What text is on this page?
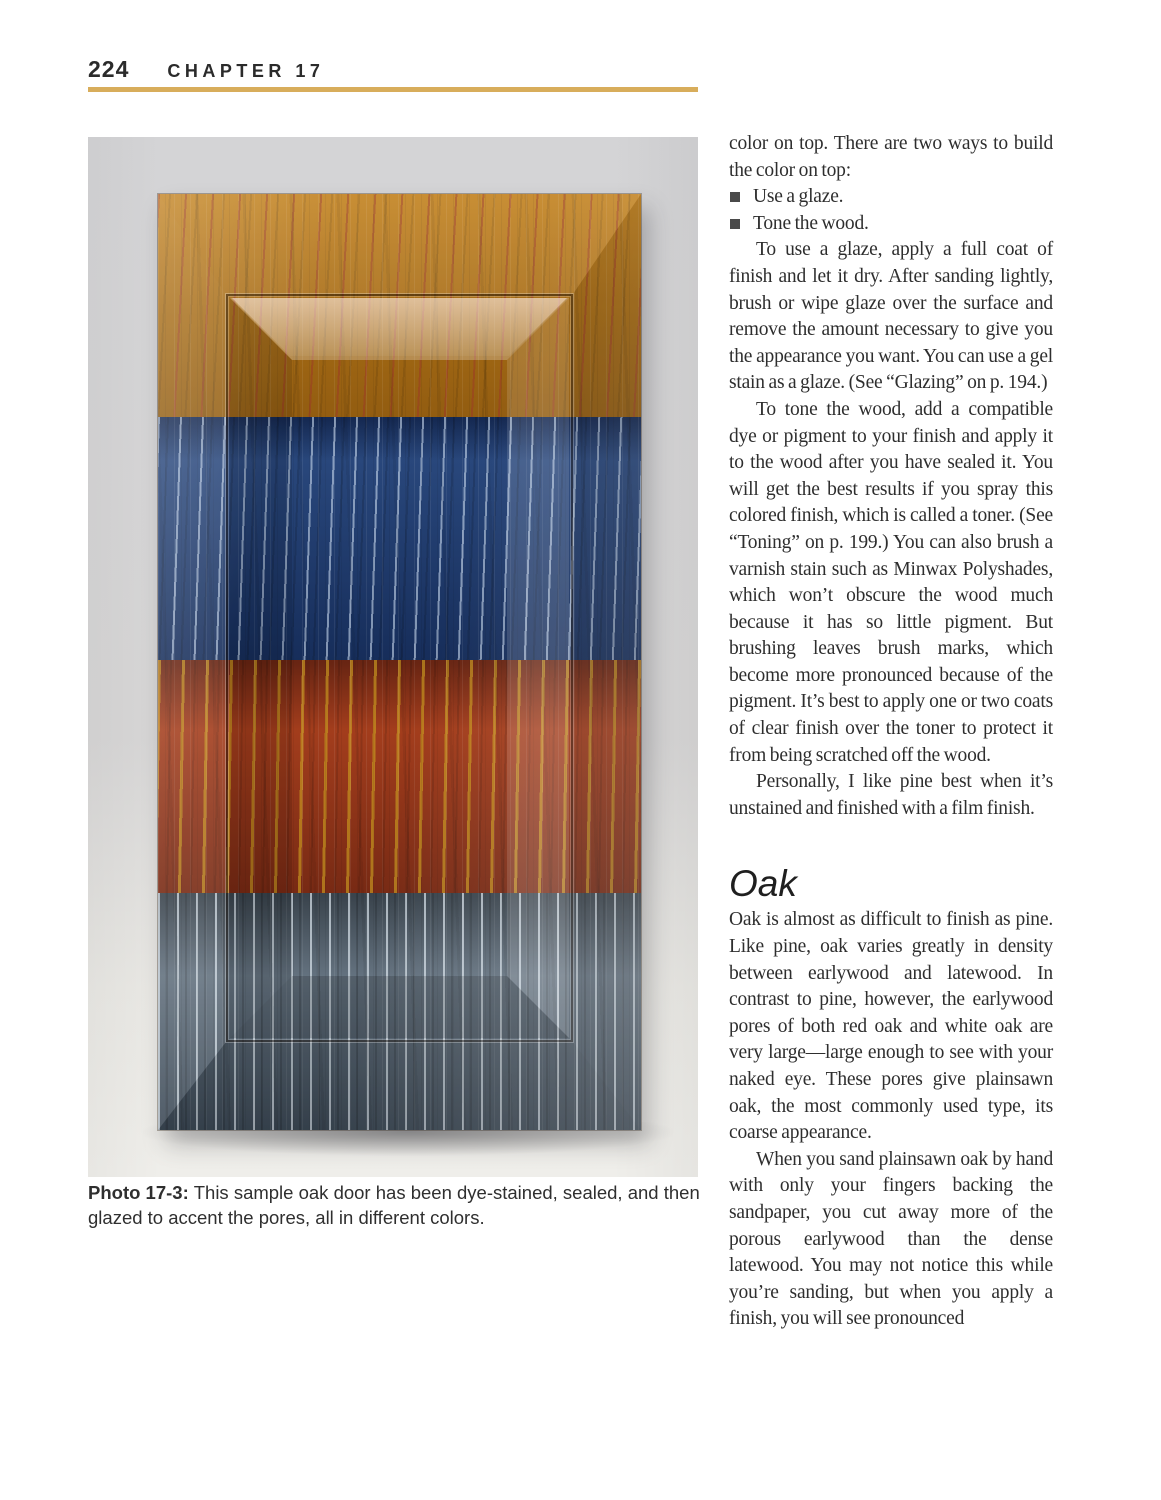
224 CHAPTER 17

Photo 17-3: This sample oak door has been dye-stained, sealed, and then glazed to accent the pores, all in different colors.

color on top. There are two ways to build the color on top:

Use a glaze.
Tone the wood.

To use a glaze, apply a full coat of finish and let it dry. After sanding lightly, brush or wipe glaze over the surface and remove the amount necessary to give you the appearance you want. You can use a gel stain as a glaze. (See “Glazing” on p. 194.)

To tone the wood, add a compatible dye or pigment to your finish and apply it to the wood after you have sealed it. You will get the best results if you spray this colored finish, which is called a toner. (See “Toning” on p. 199.) You can also brush a varnish stain such as Minwax Polyshades, which won’t obscure the wood much because it has so little pigment. But brushing leaves brush marks, which become more pronounced because of the pigment. It’s best to apply one or two coats of clear finish over the toner to protect it from being scratched off the wood.

Personally, I like pine best when it’s unstained and finished with a film finish.

Oak

Oak is almost as difficult to finish as pine. Like pine, oak varies greatly in density between earlywood and latewood. In contrast to pine, however, the earlywood pores of both red oak and white oak are very large—large enough to see with your naked eye. These pores give plainsawn oak, the most commonly used type, its coarse appearance.

When you sand plainsawn oak by hand with only your fingers backing the sandpaper, you cut away more of the porous earlywood than the dense latewood. You may not notice this while you’re sanding, but when you apply a finish, you will see pronounced
